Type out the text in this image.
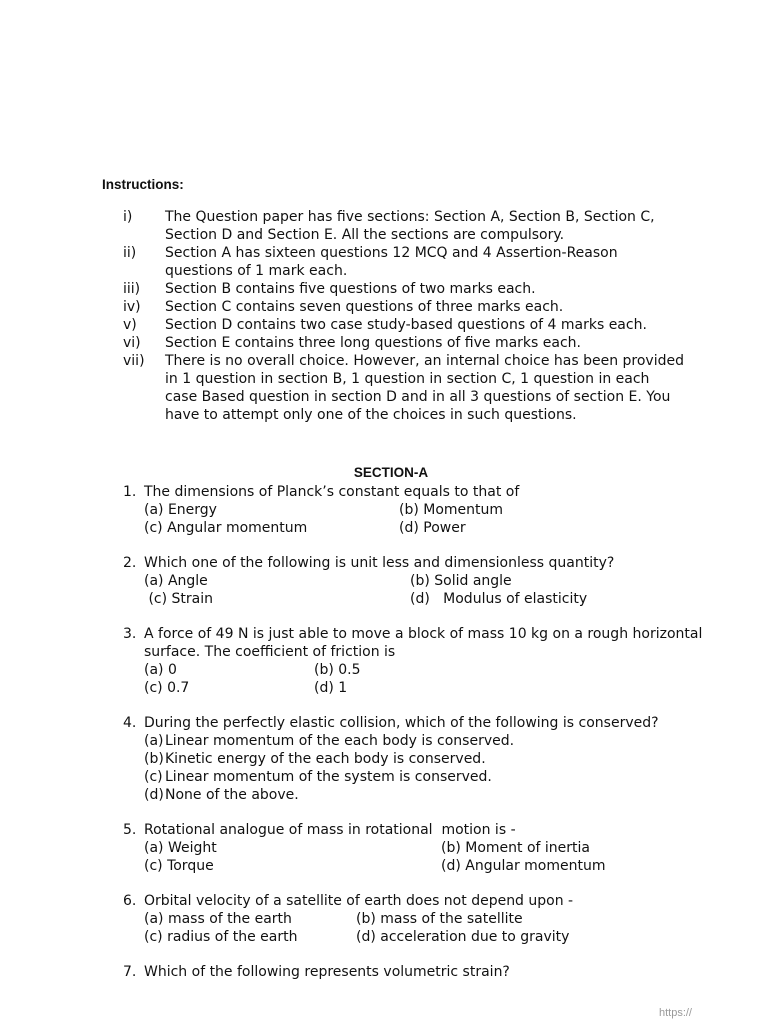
Instructions:
i)	The Question paper has five sections: Section A, Section B, Section C, Section D and Section E. All the sections are compulsory.
ii)	Section A has sixteen questions 12 MCQ and 4 Assertion-Reason questions of 1 mark each.
iii)	Section B contains five questions of two marks each.
iv)	Section C contains seven questions of three marks each.
v)	Section D contains two case study-based questions of 4 marks each.
vi)	Section E contains three long questions of five marks each.
vii)	There is no overall choice. However, an internal choice has been provided in 1 question in section B, 1 question in section C, 1 question in each case Based question in section D and in all 3 questions of section E. You have to attempt only one of the choices in such questions.
SECTION-A
1. The dimensions of Planck’s constant equals to that of
(a) Energy	(b) Momentum
(c) Angular momentum	(d) Power
2. Which one of the following is unit less and dimensionless quantity?
(a) Angle	(b) Solid angle
(c) Strain	(d)   Modulus of elasticity
3. A force of 49 N is just able to move a block of mass 10 kg on a rough horizontal surface. The coefficient of friction is
(a) 0	(b) 0.5
(c) 0.7	(d) 1
4. During the perfectly elastic collision, which of the following is conserved?
(a) Linear momentum of the each body is conserved.
(b) Kinetic energy of the each body is conserved.
(c) Linear momentum of the system is conserved.
(d) None of the above.
5. Rotational analogue of mass in rotational  motion is -
(a) Weight	(b) Moment of inertia
(c) Torque	(d) Angular momentum
6. Orbital velocity of a satellite of earth does not depend upon -
(a) mass of the earth	(b) mass of the satellite
(c) radius of the earth	(d) acceleration due to gravity
7. Which of the following represents volumetric strain?
https://
